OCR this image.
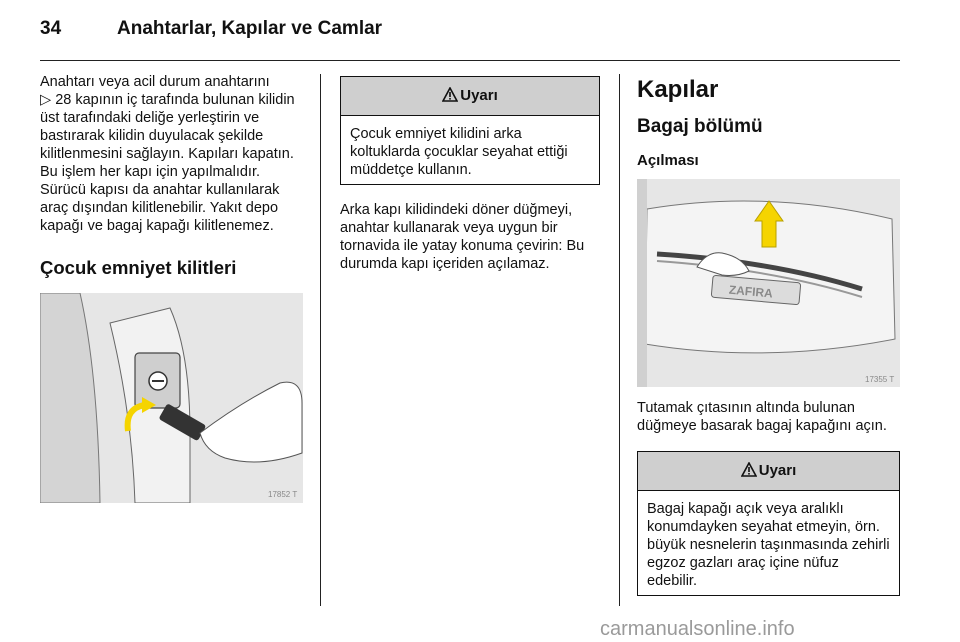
34	Anahtarlar, Kapılar ve Camlar

Anahtarı veya acil durum anahtarını
▷ 28 kapının iç tarafında bulunan kilidin üst tarafındaki deliğe yerleştirin ve bastırarak kilidin duyulacak şekilde kilitlenmesini sağlayın. Kapıları kapatın. Bu işlem her kapı için yapılmalıdır. Sürücü kapısı da anahtar kullanılarak araç dışından kilitlenebilir. Yakıt depo kapağı ve bagaj kapağı kilitlenemez.

Çocuk emniyet kilitleri
17852 T
Uyarı
Çocuk emniyet kilidini arka koltuklarda çocuklar seyahat ettiği müddetçe kullanın.

Arka kapı kilidindeki döner düğmeyi, anahtar kullanarak veya uygun bir tornavida ile yatay konuma çevirin: Bu durumda kapı içeriden açılamaz.

Kapılar
Bagaj bölümü
Açılması
ZAFIRA
17355 T

Tutamak çıtasının altında bulunan düğmeye basarak bagaj kapağını açın.

Uyarı
Bagaj kapağı açık veya aralıklı konumdayken seyahat etmeyin, örn. büyük nesnelerin taşınmasında zehirli egzoz gazları araç içine nüfuz edebilir.
carmanualsonline.info
